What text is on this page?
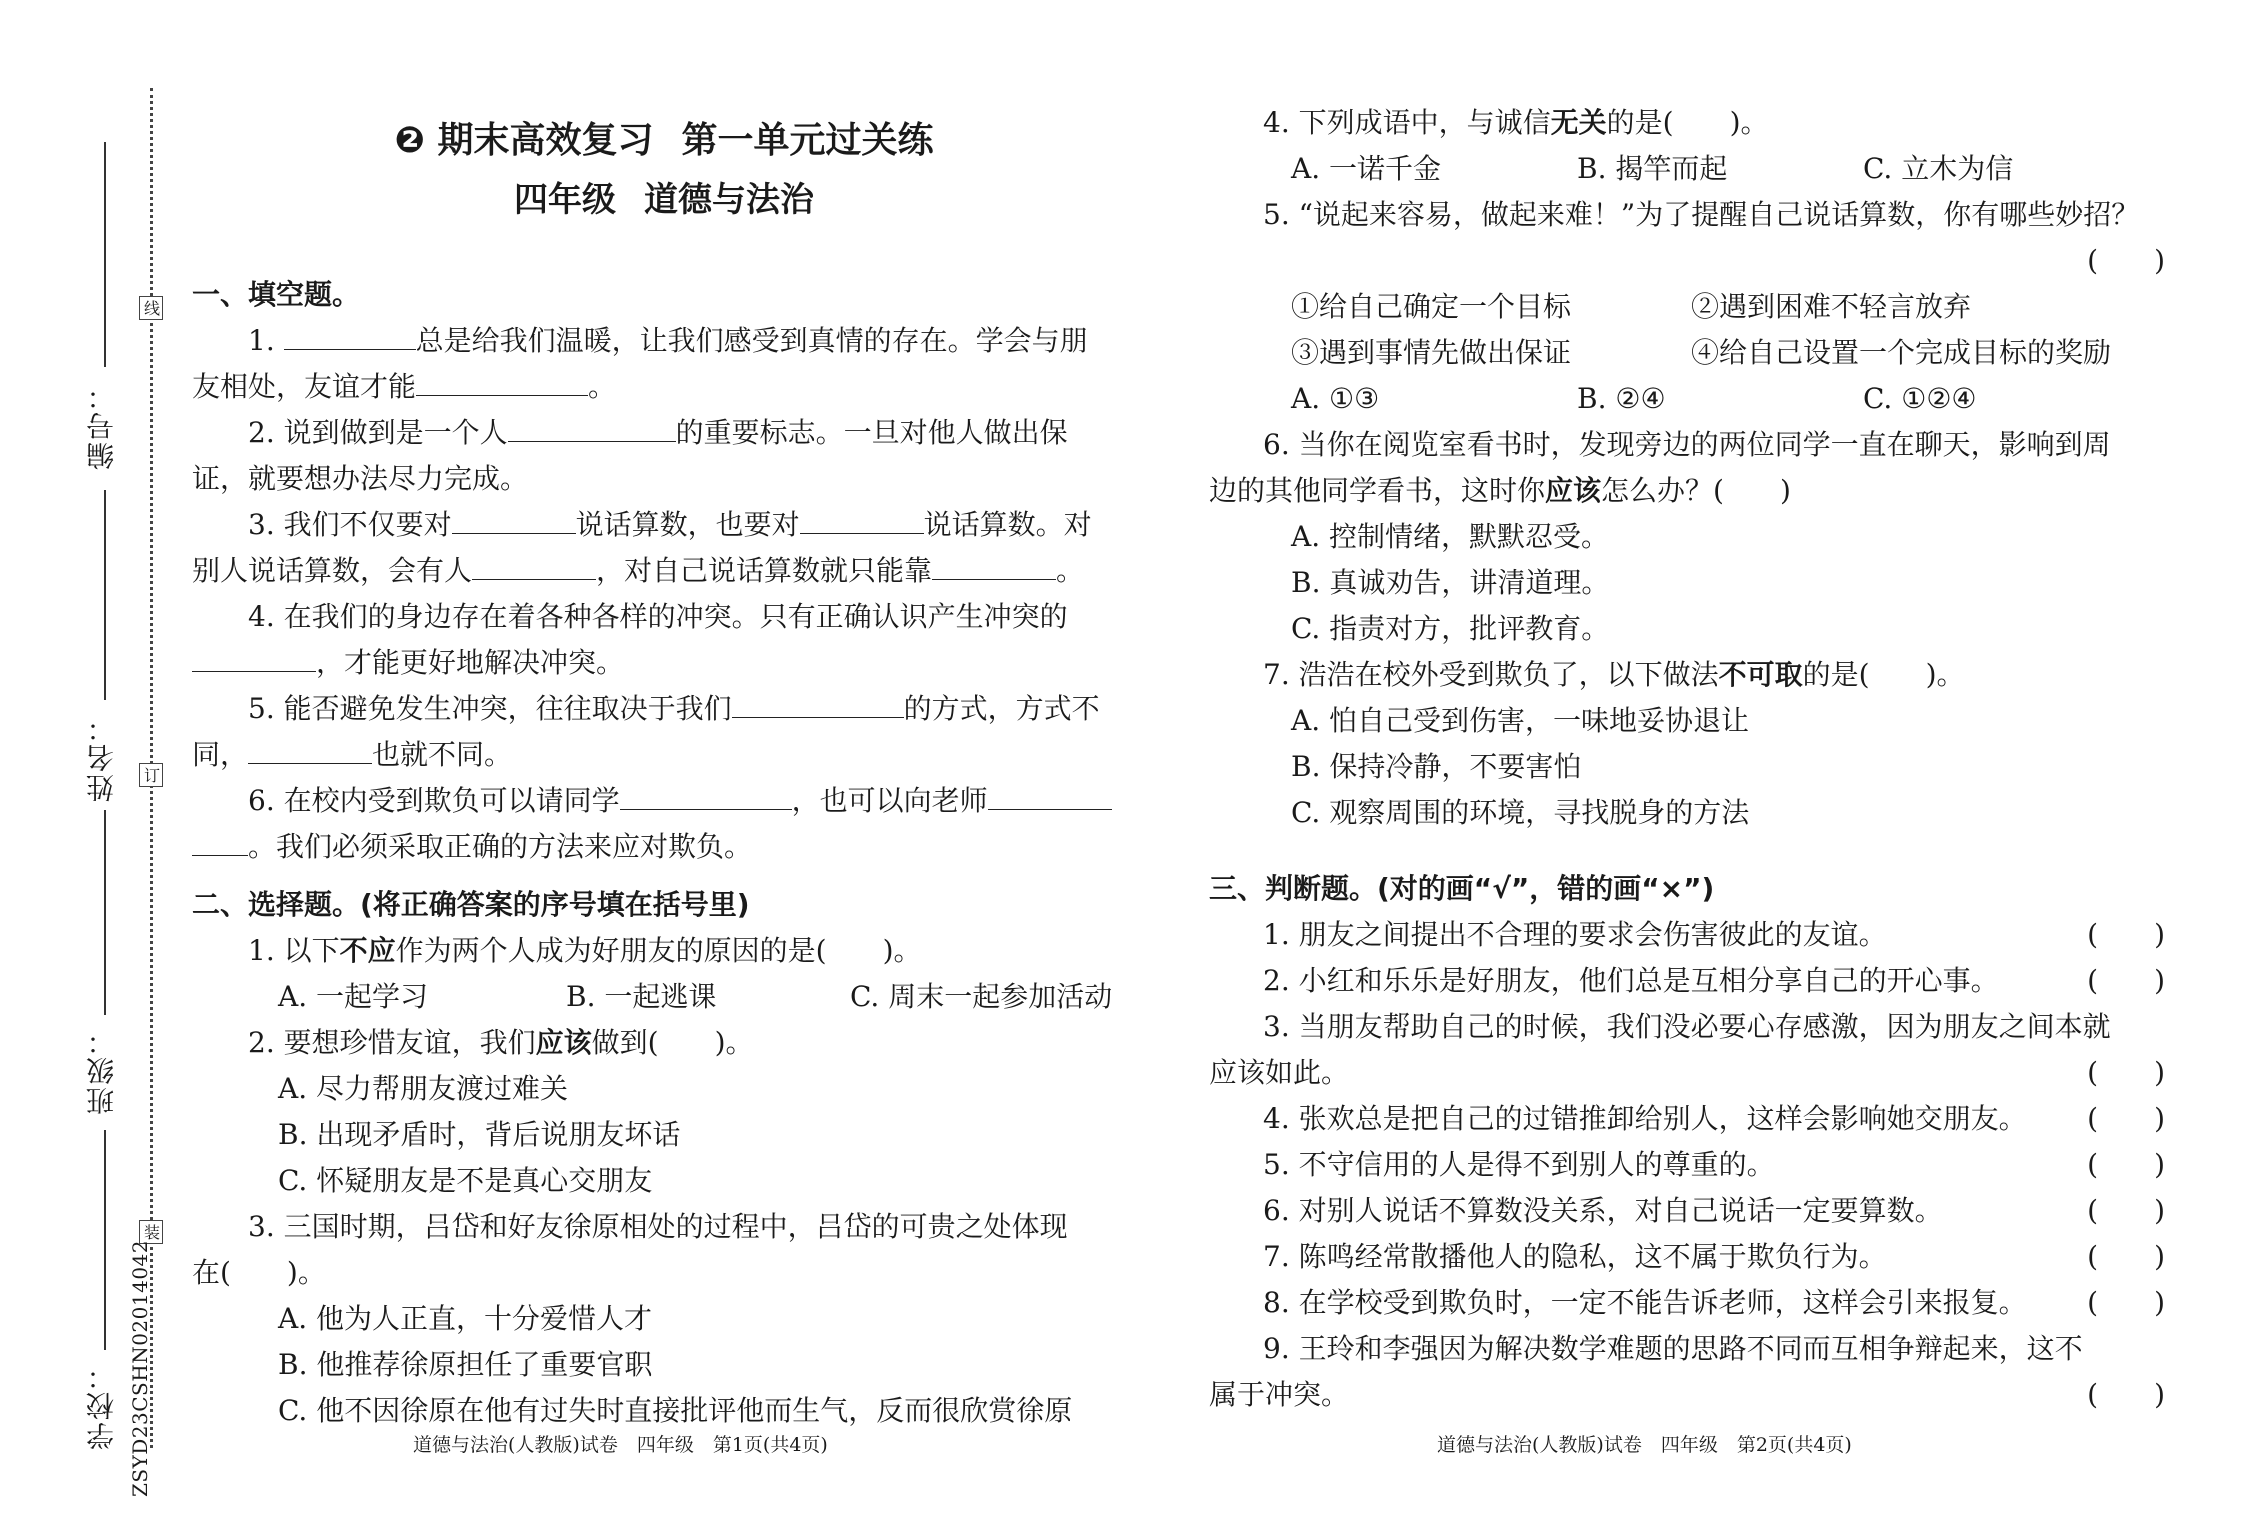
编号：
姓名：
班级：
学校：
线
订
装
ZSYD23CSHN02014042
❷ 期末高效复习 第一单元过关练
四年级 道德与法治
一、填空题。
1.	总是给我们温暖，让我们感受到真情的存在。学会与朋
友相处，友谊才能	。
2. 说到做到是一个人	的重要标志。一旦对他人做出保
证，就要想办法尽力完成。
3. 我们不仅要对	说话算数，也要对	说话算数。对
别人说话算数，会有人	，对自己说话算数就只能靠	。
4. 在我们的身边存在着各种各样的冲突。只有正确认识产生冲突的
，才能更好地解决冲突。
5. 能否避免发生冲突，往往取决于我们	的方式，方式不
同，	也就不同。
6. 在校内受到欺负可以请同学	，也可以向老师
。我们必须采取正确的方法来应对欺负。
二、选择题。(将正确答案的序号填在括号里)
1. 以下不应作为两个人成为好朋友的原因的是(　　)。
A. 一起学习	B. 一起逃课	C. 周末一起参加活动
2. 要想珍惜友谊，我们应该做到(　　)。
A. 尽力帮朋友渡过难关
B. 出现矛盾时，背后说朋友坏话
C. 怀疑朋友是不是真心交朋友
3. 三国时期，吕岱和好友徐原相处的过程中，吕岱的可贵之处体现
在(　　)。
A. 他为人正直，十分爱惜人才
B. 他推荐徐原担任了重要官职
C. 他不因徐原在他有过失时直接批评他而生气，反而很欣赏徐原
道德与法治(人教版)试卷　四年级　第1页(共4页)
4. 下列成语中，与诚信无关的是(　　)。
A. 一诺千金	B. 揭竿而起	C. 立木为信
5. “说起来容易，做起来难！”为了提醒自己说话算数，你有哪些妙招？
(　　)
①给自己确定一个目标	②遇到困难不轻言放弃
③遇到事情先做出保证	④给自己设置一个完成目标的奖励
A. ①③	B. ②④	C. ①②④
6. 当你在阅览室看书时，发现旁边的两位同学一直在聊天，影响到周
边的其他同学看书，这时你应该怎么办？(　　)
A. 控制情绪，默默忍受。
B. 真诚劝告，讲清道理。
C. 指责对方，批评教育。
7. 浩浩在校外受到欺负了，以下做法不可取的是(　　)。
A. 怕自己受到伤害，一味地妥协退让
B. 保持冷静，不要害怕
C. 观察周围的环境，寻找脱身的方法
三、判断题。(对的画“√”，错的画“×”)
1. 朋友之间提出不合理的要求会伤害彼此的友谊。	(　　)
2. 小红和乐乐是好朋友，他们总是互相分享自己的开心事。	(　　)
3. 当朋友帮助自己的时候，我们没必要心存感激，因为朋友之间本就
应该如此。	(　　)
4. 张欢总是把自己的过错推卸给别人，这样会影响她交朋友。 (　　)
5. 不守信用的人是得不到别人的尊重的。	(　　)
6. 对别人说话不算数没关系，对自己说话一定要算数。	(　　)
7. 陈鸣经常散播他人的隐私，这不属于欺负行为。	(　　)
8. 在学校受到欺负时，一定不能告诉老师，这样会引来报复。 (　　)
9. 王玲和李强因为解决数学难题的思路不同而互相争辩起来，这不
属于冲突。	(　　)
道德与法治(人教版)试卷　四年级　第2页(共4页)
